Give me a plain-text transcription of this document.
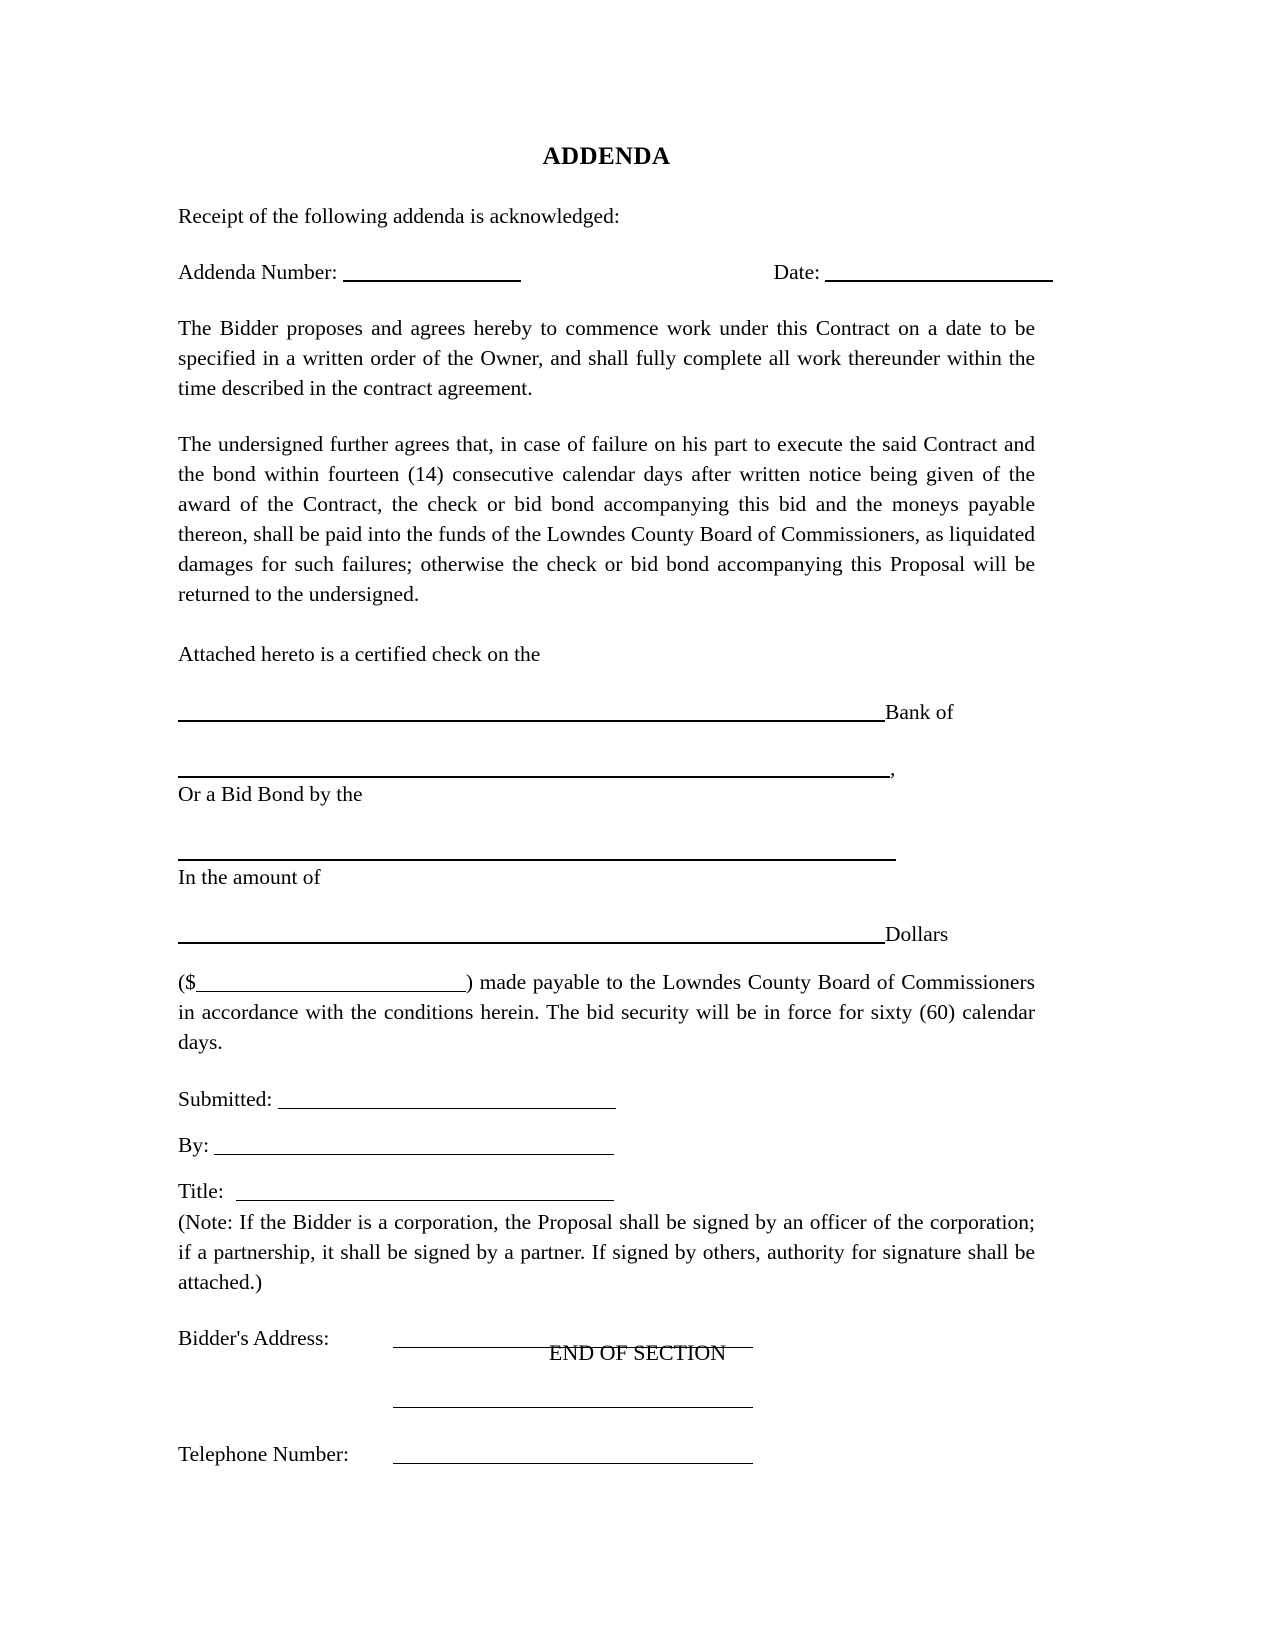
ADDENDA

Receipt of the following addenda is acknowledged:

Addenda Number:	Date:

The Bidder proposes and agrees hereby to commence work under this Contract on a date to be specified in a written order of the Owner, and shall fully complete all work thereunder within the time described in the contract agreement.

The undersigned further agrees that, in case of failure on his part to execute the said Contract and the bond within fourteen (14) consecutive calendar days after written notice being given of the award of the Contract, the check or bid bond accompanying this bid and the moneys payable thereon, shall be paid into the funds of the Lowndes County Board of Commissioners, as liquidated damages for such failures; otherwise the check or bid bond accompanying this Proposal will be returned to the undersigned.

Attached hereto is a certified check on the

Bank of
,

Or a Bid Bond by the

In the amount of

Dollars

($	) made payable to the Lowndes County Board of Commissioners in accordance with the conditions herein. The bid security will be in force for sixty (60) calendar days.

Submitted:
By:
Title:

(Note: If the Bidder is a corporation, the Proposal shall be signed by an officer of the corporation; if a partnership, it shall be signed by a partner. If signed by others, authority for signature shall be attached.)

Bidder's Address:
Telephone Number:
END OF SECTION
